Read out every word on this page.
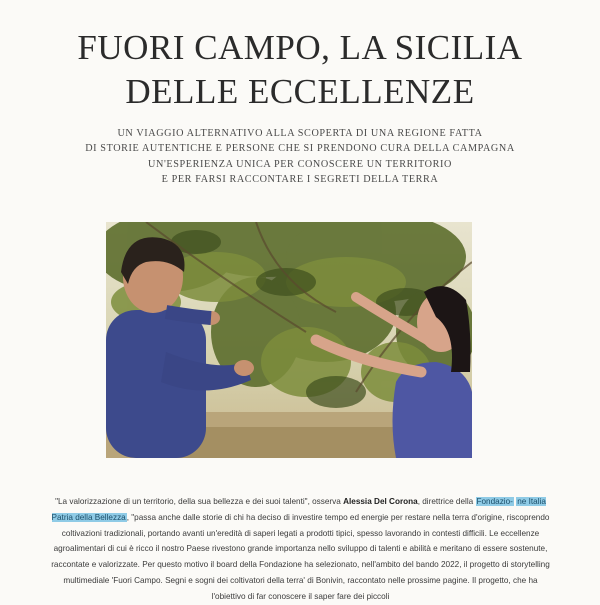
FUORI CAMPO, LA SICILIA
DELLE ECCELLENZE

UN VIAGGIO ALTERNATIVO ALLA SCOPERTA DI UNA REGIONE FATTA
DI STORIE AUTENTICHE E PERSONE CHE SI PRENDONO CURA DELLA CAMPAGNA
UN'ESPERIENZA UNICA PER CONOSCERE UN TERRITORIO
E PER FARSI RACCONTARE I SEGRETI DELLA TERRA

"La valorizzazione di un territorio, della sua bellezza e dei suoi talenti", osserva Alessia Del Corona, direttrice della Fondazio- ne Italia Patria della Bellezza, "passa anche dalle storie di chi ha deciso di investire tempo ed energie per restare nella terra d'origine, riscoprendo coltivazioni tradizionali, portando avanti un'eredità di saperi legati a prodotti tipici, spesso lavorando in contesti difficili. Le eccellenze agroalimentari di cui è ricco il nostro Paese rivestono grande importanza nello sviluppo di talenti e abilità e meritano di essere sostenute, raccontate e valorizzate. Per questo motivo il board della Fondazione ha selezionato, nell'ambito del bando 2022, il progetto di storytelling multimediale 'Fuori Campo. Segni e sogni dei coltivatori della terra' di Bonivin, raccontato nelle prossime pagine. Il progetto, che ha l'obiettivo di far conoscere il saper fare dei piccoli
